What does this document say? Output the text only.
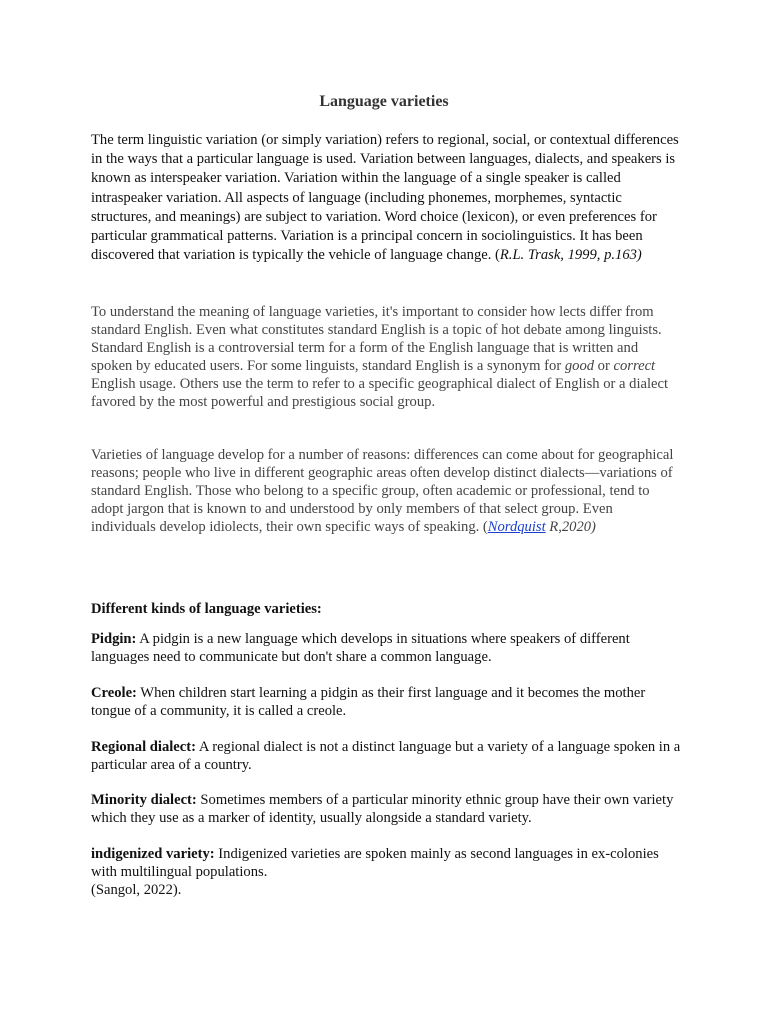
Language varieties
The term linguistic variation (or simply variation) refers to regional, social, or contextual differences in the ways that a particular language is used. Variation between languages, dialects, and speakers is known as interspeaker variation. Variation within the language of a single speaker is called intraspeaker variation. All aspects of language (including phonemes, morphemes, syntactic structures, and meanings) are subject to variation. Word choice (lexicon), or even preferences for particular grammatical patterns. Variation is a principal concern in sociolinguistics. It has been discovered that variation is typically the vehicle of language change. (R.L. Trask, 1999, p.163)
To understand the meaning of language varieties, it's important to consider how lects differ from standard English. Even what constitutes standard English is a topic of hot debate among linguists. Standard English is a controversial term for a form of the English language that is written and spoken by educated users. For some linguists, standard English is a synonym for good or correct English usage. Others use the term to refer to a specific geographical dialect of English or a dialect favored by the most powerful and prestigious social group.
Varieties of language develop for a number of reasons: differences can come about for geographical reasons; people who live in different geographic areas often develop distinct dialects—variations of standard English. Those who belong to a specific group, often academic or professional, tend to adopt jargon that is known to and understood by only members of that select group. Even individuals develop idiolects, their own specific ways of speaking. (Nordquist R,2020)
Different kinds of language varieties:
Pidgin: A pidgin is a new language which develops in situations where speakers of different languages need to communicate but don't share a common language.
Creole: When children start learning a pidgin as their first language and it becomes the mother tongue of a community, it is called a creole.
Regional dialect: A regional dialect is not a distinct language but a variety of a language spoken in a particular area of a country.
Minority dialect: Sometimes members of a particular minority ethnic group have their own variety which they use as a marker of identity, usually alongside a standard variety.
indigenized variety: Indigenized varieties are spoken mainly as second languages in ex-colonies with multilingual populations.
(Sangol, 2022).
